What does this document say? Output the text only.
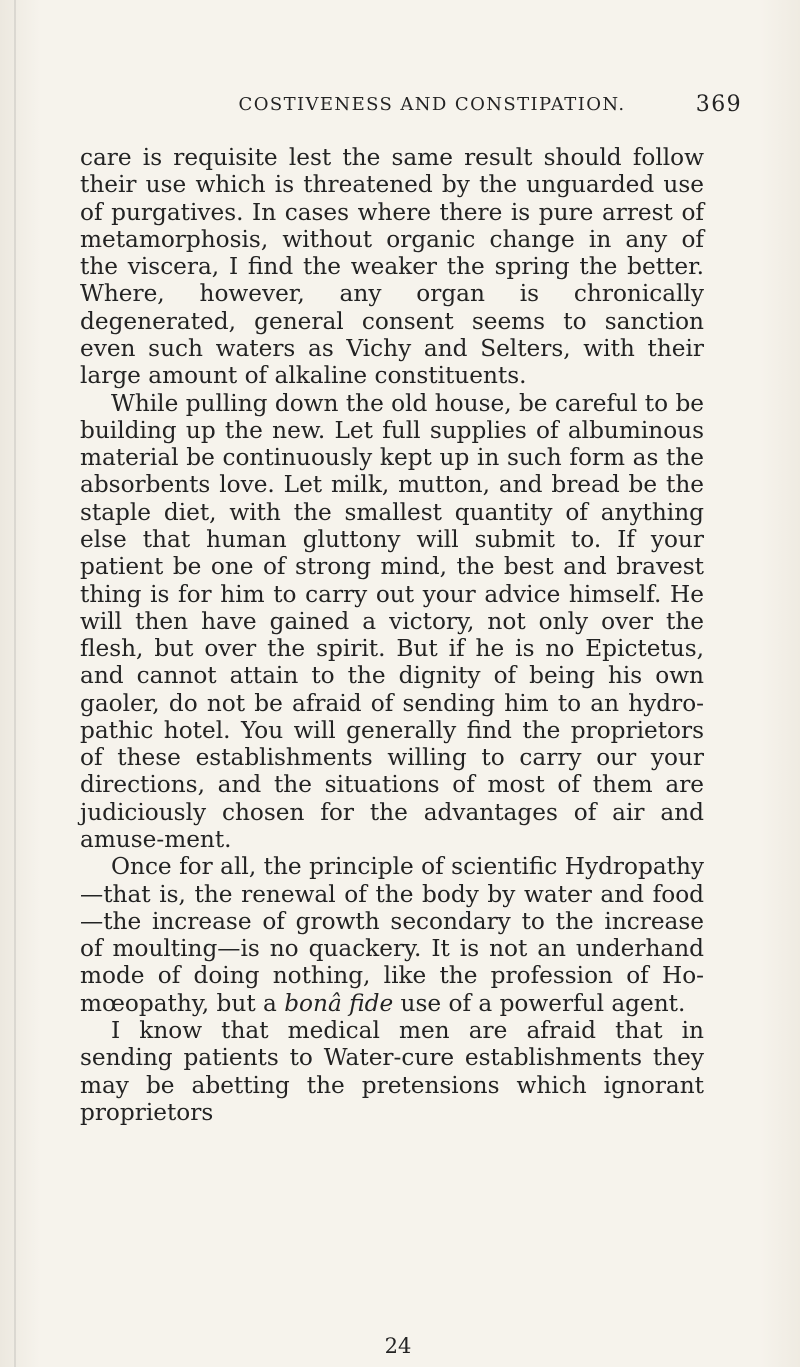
COSTIVENESS AND CONSTIPATION.	369

care is requisite lest the same result should follow their use which is threatened by the unguarded use of purgatives. In cases where there is pure arrest of metamorphosis, without organic change in any of the viscera, I find the weaker the spring the better. Where, however, any organ is chronically degenerated, general consent seems to sanction even such waters as Vichy and Selters, with their large amount of alkaline constituents.

While pulling down the old house, be careful to be building up the new. Let full supplies of albuminous material be continuously kept up in such form as the absorbents love. Let milk, mutton, and bread be the staple diet, with the smallest quantity of anything else that human gluttony will submit to. If your patient be one of strong mind, the best and bravest thing is for him to carry out your advice himself. He will then have gained a victory, not only over the flesh, but over the spirit. But if he is no Epictetus, and cannot attain to the dignity of being his own gaoler, do not be afraid of sending him to an hydro-pathic hotel. You will generally find the proprietors of these establishments willing to carry our your directions, and the situations of most of them are judiciously chosen for the advantages of air and amuse-ment.

Once for all, the principle of scientific Hydropathy —that is, the renewal of the body by water and food —the increase of growth secondary to the increase of moulting—is no quackery. It is not an underhand mode of doing nothing, like the profession of Ho-mœopathy, but a bonâ fide use of a powerful agent.

I know that medical men are afraid that in sending patients to Water-cure establishments they may be abetting the pretensions which ignorant proprietors

24
